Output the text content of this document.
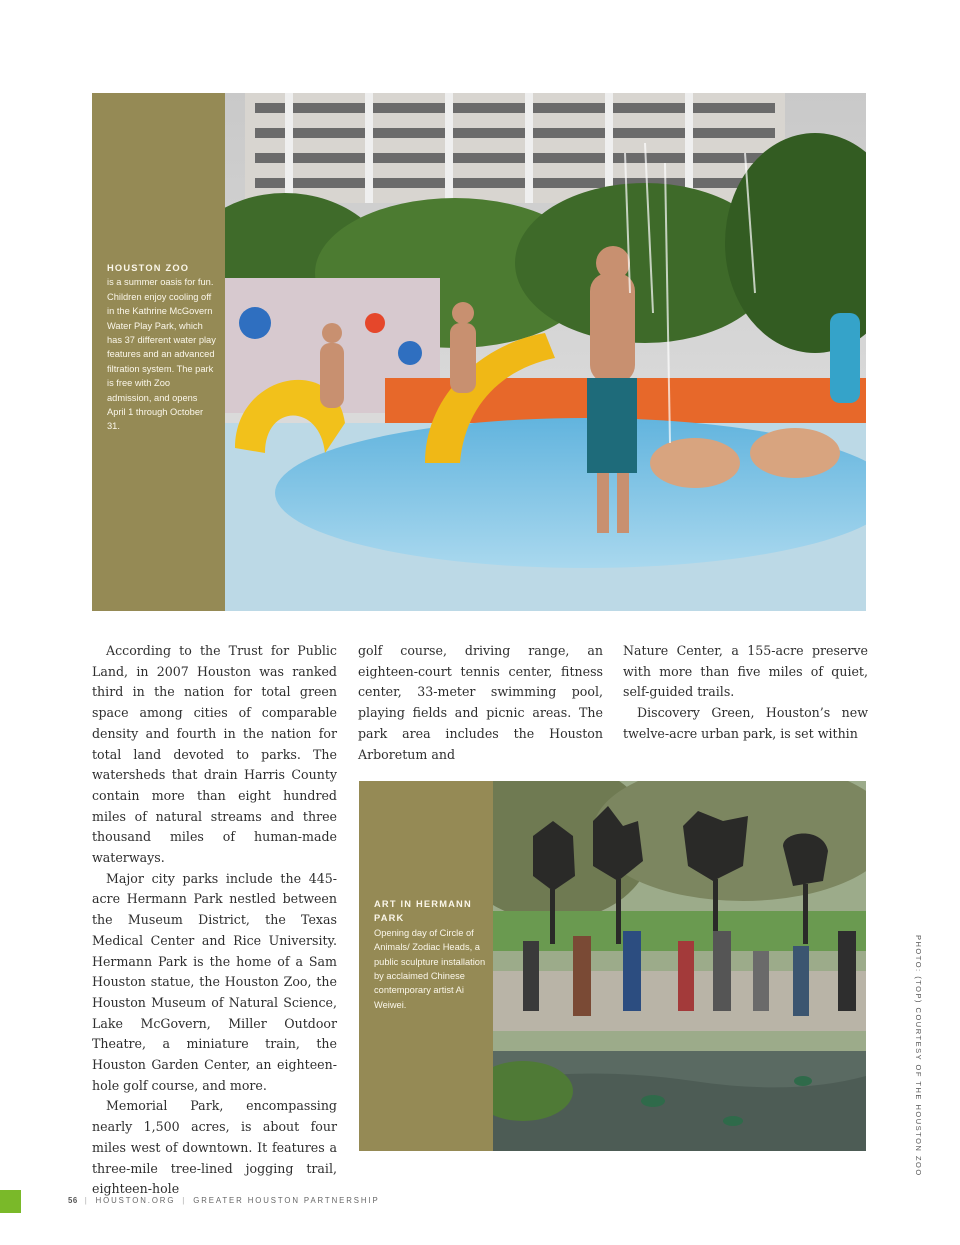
HOUSTON ZOO
is a summer oasis for fun. Children enjoy cooling off in the Kathrine McGovern Water Play Park, which has 37 different water play features and an advanced filtration system. The park is free with Zoo admission, and opens April 1 through October 31.

According to the Trust for Public Land, in 2007 Houston was ranked third in the nation for total green space among cities of comparable density and fourth in the nation for total land devoted to parks. The watersheds that drain Harris County contain more than eight hundred miles of natural streams and three thousand miles of human-made waterways.

Major city parks include the 445-acre Hermann Park nestled between the Museum District, the Texas Medical Center and Rice University. Hermann Park is the home of a Sam Houston statue, the Houston Zoo, the Houston Museum of Natural Science, Lake McGovern, Miller Outdoor Theatre, a miniature train, the Houston Garden Center, an eighteen-hole golf course, and more.

Memorial Park, encompassing nearly 1,500 acres, is about four miles west of downtown. It features a three-mile tree-lined jogging trail, eighteen-hole

golf course, driving range, an eighteen-court tennis center, fitness center, 33-meter swimming pool, playing fields and picnic areas. The park area includes the Houston Arboretum and

Nature Center, a 155-acre preserve with more than five miles of quiet, self-guided trails.

Discovery Green, Houston’s new twelve-acre urban park, is set within

ART IN HERMANN PARK
Opening day of Circle of Animals/ Zodiac Heads, a public sculpture installation by acclaimed Chinese contemporary artist Ai Weiwei.	PHOTO: (TOP) COURTESY OF THE HOUSTON ZOO
56 | HOUSTON.ORG | GREATER HOUSTON PARTNERSHIP
